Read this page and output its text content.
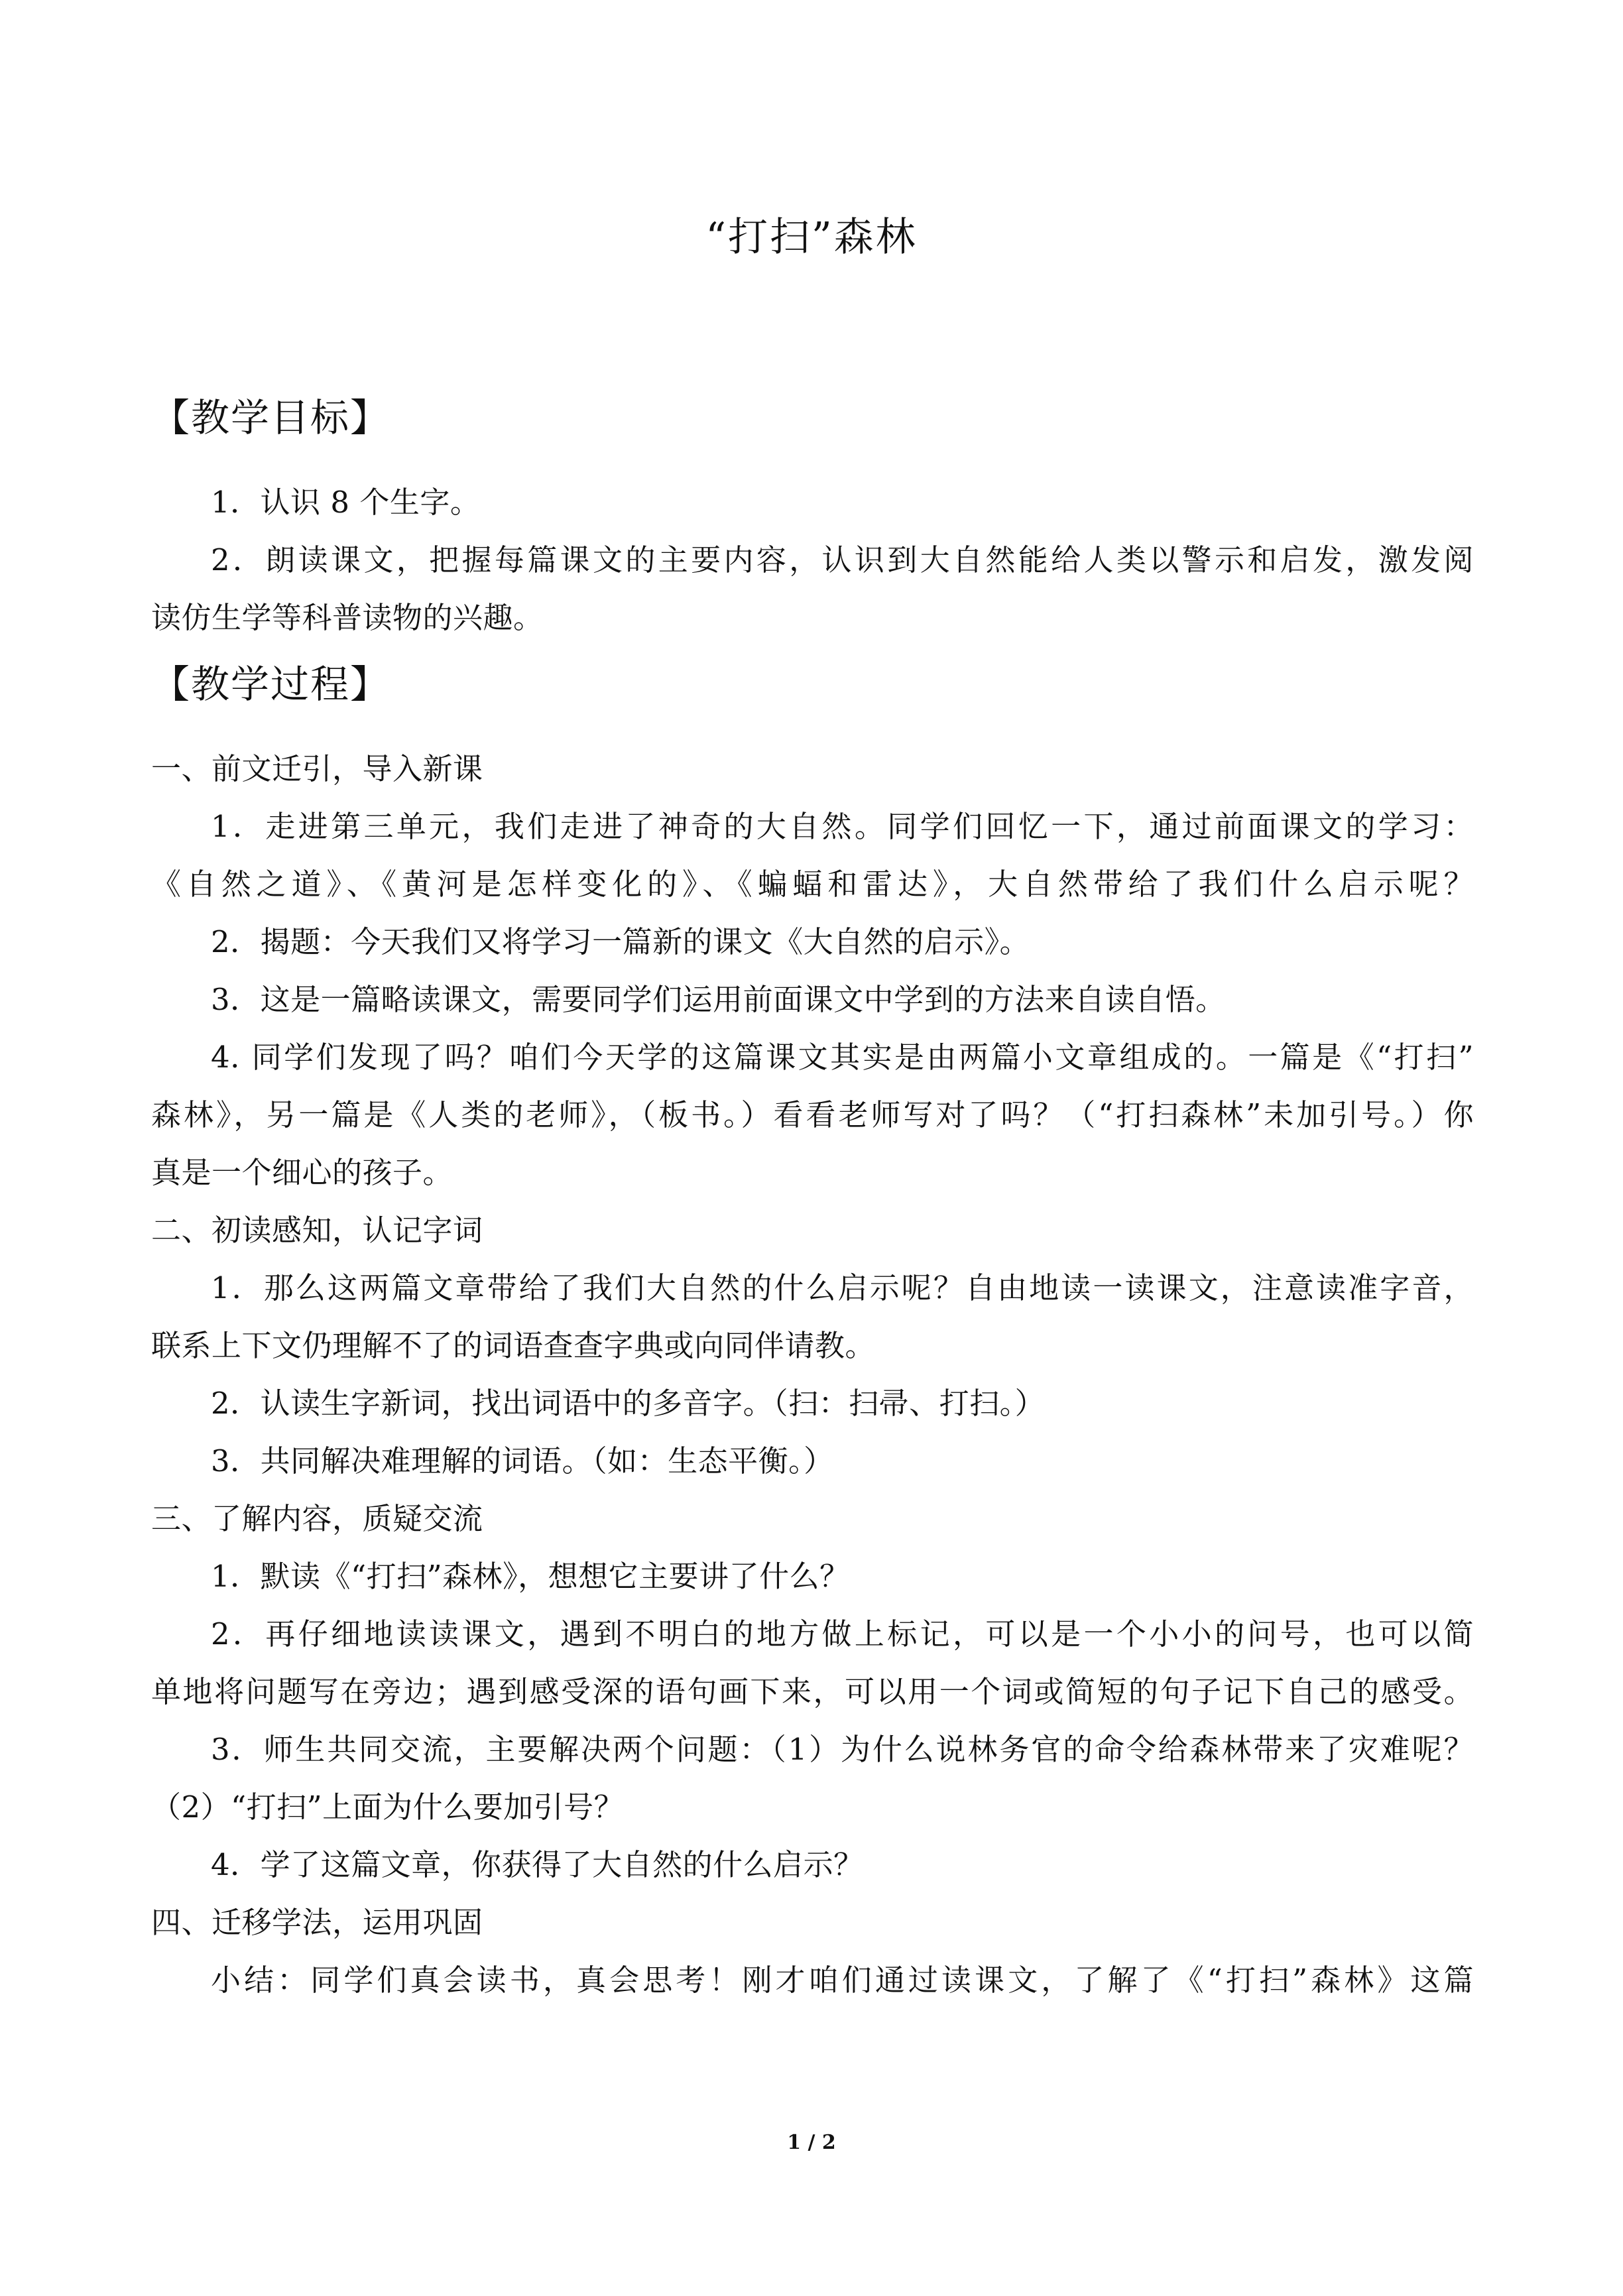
“打扫”森林
【教学目标】
1．认识 8 个生字。
2．朗读课文，把握每篇课文的主要内容，认识到大自然能给人类以警示和启发，激发阅
读仿生学等科普读物的兴趣。
【教学过程】
一、前文迁引，导入新课
1．走进第三单元，我们走进了神奇的大自然。同学们回忆一下，通过前面课文的学习：
《自然之道》、《黄河是怎样变化的》、《蝙蝠和雷达》，大自然带给了我们什么启示呢？
2．揭题：今天我们又将学习一篇新的课文《大自然的启示》。
3．这是一篇略读课文，需要同学们运用前面课文中学到的方法来自读自悟。
4. 同学们发现了吗？咱们今天学的这篇课文其实是由两篇小文章组成的。一篇是《“打扫”
森林》，另一篇是《人类的老师》，（板书。）看看老师写对了吗？（“打扫森林”未加引号。）你
真是一个细心的孩子。
二、初读感知，认记字词
1．那么这两篇文章带给了我们大自然的什么启示呢？自由地读一读课文，注意读准字音，
联系上下文仍理解不了的词语查查字典或向同伴请教。
2．认读生字新词，找出词语中的多音字。（扫：扫帚、打扫。）
3．共同解决难理解的词语。（如：生态平衡。）
三、了解内容，质疑交流
1．默读《“打扫”森林》，想想它主要讲了什么？
2．再仔细地读读课文，遇到不明白的地方做上标记，可以是一个小小的问号，也可以简
单地将问题写在旁边；遇到感受深的语句画下来，可以用一个词或简短的句子记下自己的感受。
3．师生共同交流，主要解决两个问题：（1）为什么说林务官的命令给森林带来了灾难呢？
（2）“打扫”上面为什么要加引号？
4．学了这篇文章，你获得了大自然的什么启示？
四、迁移学法，运用巩固
小结：同学们真会读书，真会思考！刚才咱们通过读课文，了解了《“打扫”森林》这篇
1 / 2
